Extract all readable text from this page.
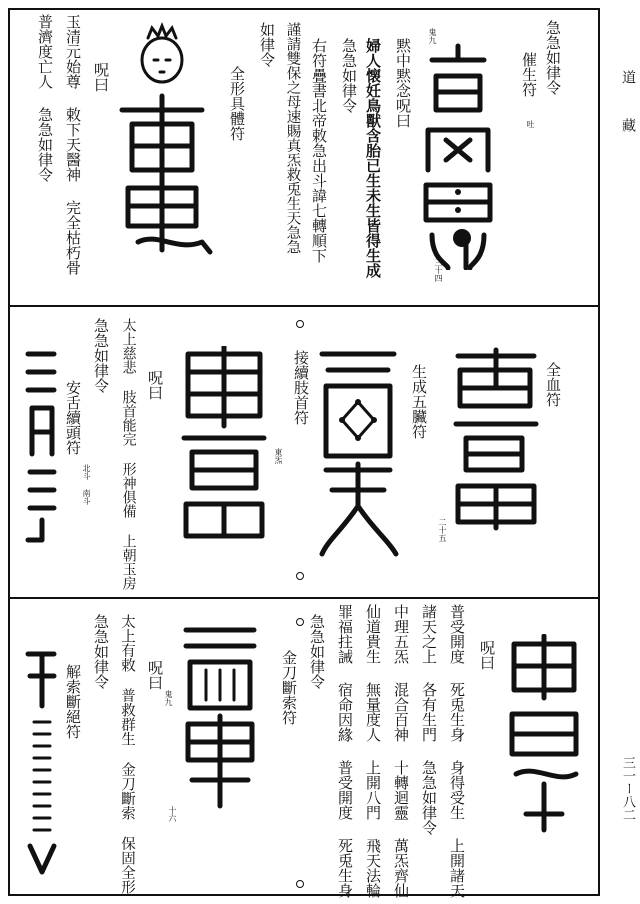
道
藏
三一ー八二
急急如律令
催生符
吐
鬼九
三十四
黙中黙念呪曰
婦人懐妊鳥獸含胎已生未生皆得生成
急急如律令
右符疊書北帝敕急出斗諱七轉順下
謹請雙保之母速賜真炁救兎生天急急
如律令
全形具體符
呪曰
玉清元始尊 敕下天醫神 完全枯朽骨
普濟度亡人 急急如律令
全血符
二十五
生成五臟符
接續肢首符
東炁
呪曰
太上慈悲 肢首能完 形神俱備 上朝玉房
急急如律令
安舌續頭符
北斗 南斗
呪曰
普受開度 死兎生身 身得受生 上開諸天
諸天之上 各有生門 急急如律令
中理五炁 混合百神 十轉迴靈 萬炁齊仙
仙道貴生 無量度人 上開八門 飛天法輪
罪福拄誡 宿命因緣 普受開度 死兎生身
急急如律令
金刀斷索符
鬼九
十六
呪曰
太上有敕 普救群生 金刀斷索 保固全形
急急如律令
解索斷絕符
